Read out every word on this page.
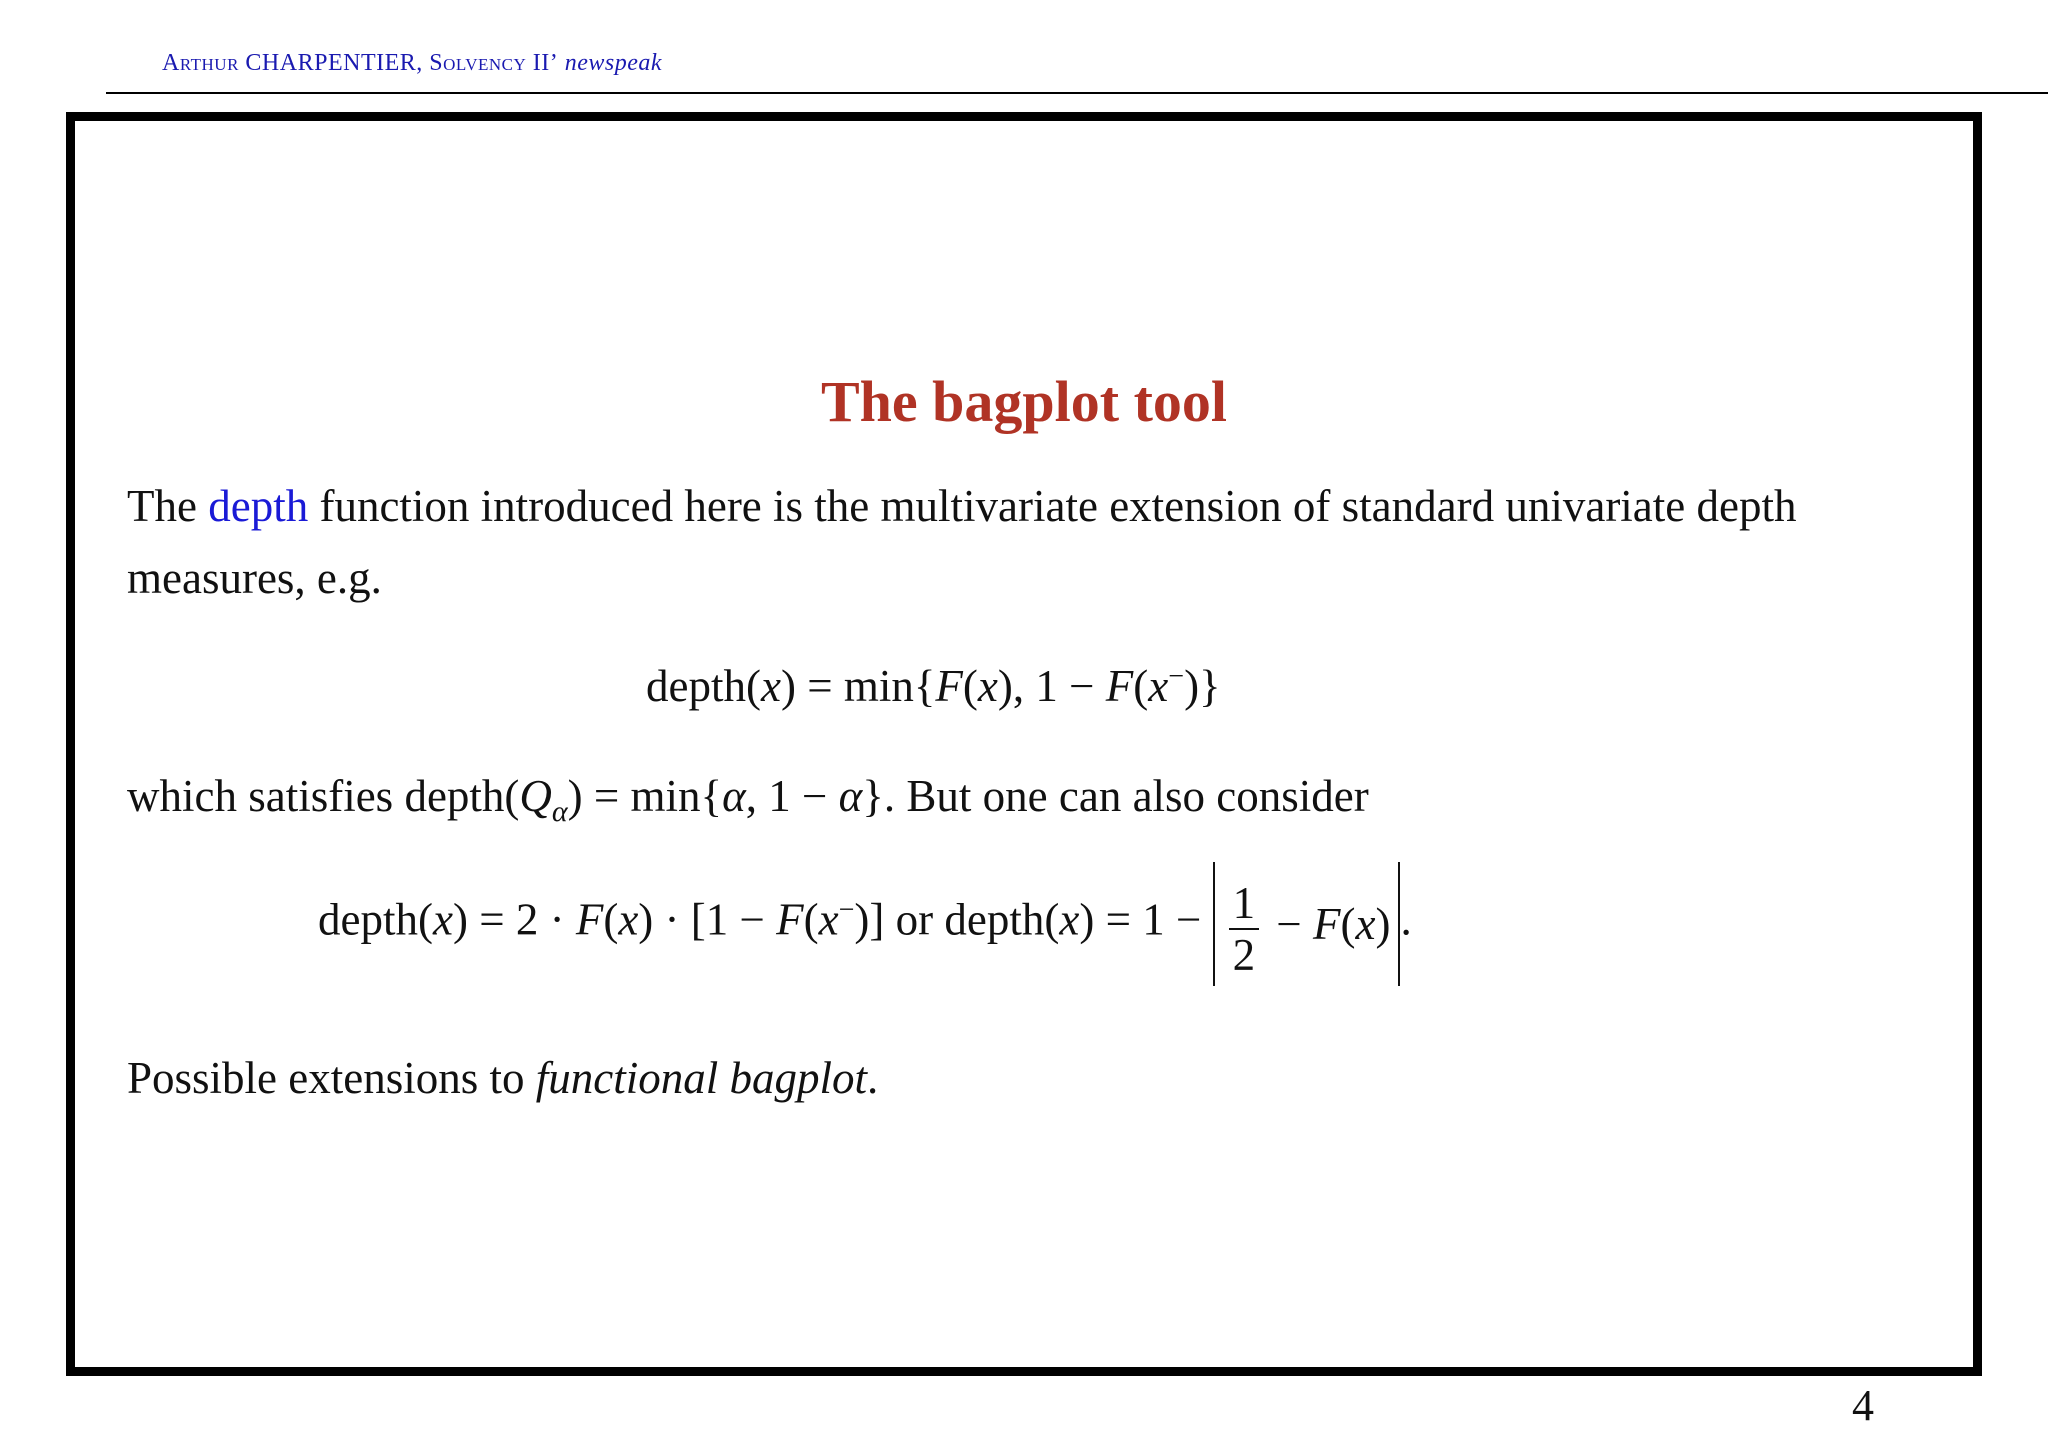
Arthur CHARPENTIER, Solvency II’ newspeak
The bagplot tool
The depth function introduced here is the multivariate extension of standard univariate depth measures, e.g.
depth(x) = min{F(x), 1 − F(x−)}
which satisfies $depth(Q_\alpha) = \min\{\alpha$, 1 − α}. But one can also consider
depth(x) = 2 · F(x) · [1 − F(x−)] or depth(x) = $1 - \frac{1}{2} - F(x)$ .
Possible extensions to functional bagplot.
4
